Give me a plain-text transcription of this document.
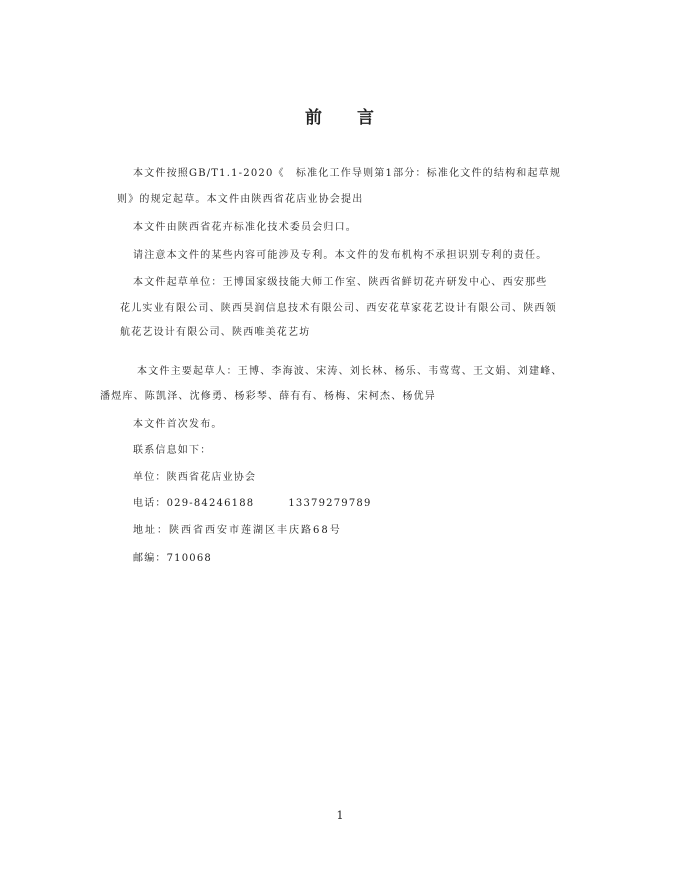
前 言
本文件按照GB/T1.1-2020《　标准化工作导则第1部分：标准化文件的结构和起草规
则》的规定起草。本文件由陕西省花店业协会提出
本文件由陕西省花卉标准化技术委员会归口。
请注意本文件的某些内容可能涉及专利。本文件的发布机构不承担识别专利的责任。
本文件起草单位：王博国家级技能大师工作室、陕西省鲜切花卉研发中心、西安那些
花儿实业有限公司、陕西昊润信息技术有限公司、西安花草家花艺设计有限公司、陕西领
航花艺设计有限公司、陕西唯美花艺坊
本文件主要起草人：王博、李海波、宋涛、刘长林、杨乐、韦莺莺、王文娟、刘建峰、
潘煜库、陈凯泽、沈修勇、杨彩琴、薛有有、杨梅、宋柯杰、杨优异
本文件首次发布。
联系信息如下：
单位：陕西省花店业协会
电话：029-84246188	13379279789
地址：陕西省西安市莲湖区丰庆路68号
邮编：710068
1
